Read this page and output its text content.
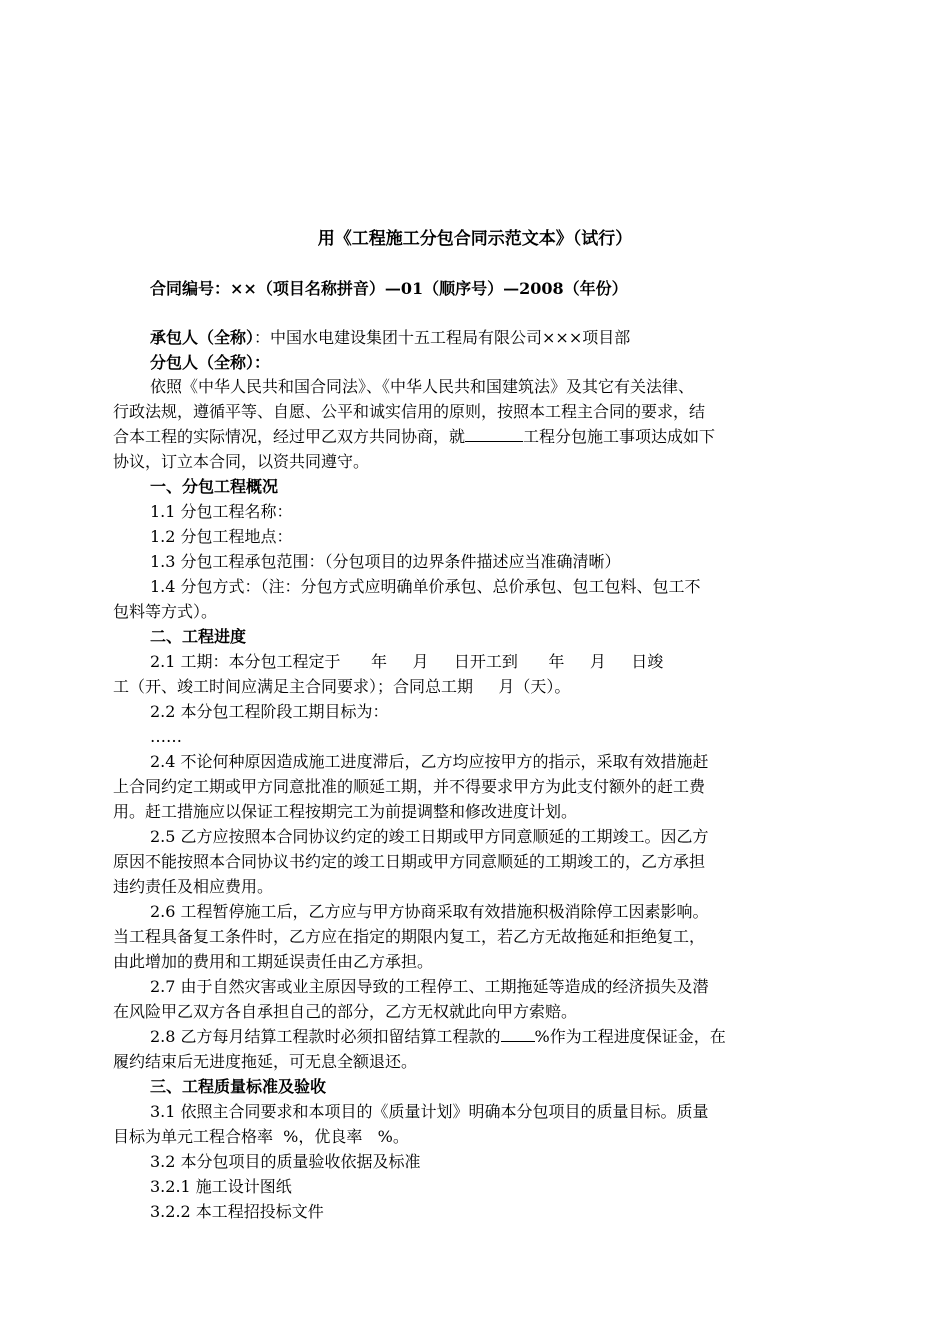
用《工程施工分包合同示范文本》（试行）
合同编号：××（项目名称拼音）—01（顺序号）—2008（年份）
承包人（全称）：中国水电建设集团十五工程局有限公司×××项目部
分包人（全称）：
依照《中华人民共和国合同法》、《中华人民共和国建筑法》及其它有关法律、
行政法规，遵循平等、自愿、公平和诚实信用的原则，按照本工程主合同的要求，结
合本工程的实际情况，经过甲乙双方共同协商，就	工程分包施工事项达成如下
协议，订立本合同，以资共同遵守。
一、分包工程概况
1.1 分包工程名称：
1.2 分包工程地点：
1.3 分包工程承包范围：（分包项目的边界条件描述应当准确清晰）
1.4 分包方式：（注：分包方式应明确单价承包、总价承包、包工包料、包工不
包料等方式）。
二、工程进度
2.1 工期：本分包工程定于      年     月     日开工到      年     月     日竣
工（开、竣工时间应满足主合同要求）；合同总工期     月（天）。
2.2 本分包工程阶段工期目标为：
……
2.4 不论何种原因造成施工进度滞后，乙方均应按甲方的指示，采取有效措施赶
上合同约定工期或甲方同意批准的顺延工期，并不得要求甲方为此支付额外的赶工费
用。赶工措施应以保证工程按期完工为前提调整和修改进度计划。
2.5 乙方应按照本合同协议约定的竣工日期或甲方同意顺延的工期竣工。因乙方
原因不能按照本合同协议书约定的竣工日期或甲方同意顺延的工期竣工的，乙方承担
违约责任及相应费用。
2.6 工程暂停施工后，乙方应与甲方协商采取有效措施积极消除停工因素影响。
当工程具备复工条件时，乙方应在指定的期限内复工，若乙方无故拖延和拒绝复工，
由此增加的费用和工期延误责任由乙方承担。
2.7 由于自然灾害或业主原因导致的工程停工、工期拖延等造成的经济损失及潜
在风险甲乙双方各自承担自己的部分，乙方无权就此向甲方索赔。
2.8 乙方每月结算工程款时必须扣留结算工程款的 %作为工程进度保证金，在
履约结束后无进度拖延，可无息全额退还。
三、工程质量标准及验收
3.1 依照主合同要求和本项目的《质量计划》明确本分包项目的质量目标。质量
目标为单元工程合格率  %，优良率   %。
3.2 本分包项目的质量验收依据及标准
3.2.1 施工设计图纸
3.2.2 本工程招投标文件
